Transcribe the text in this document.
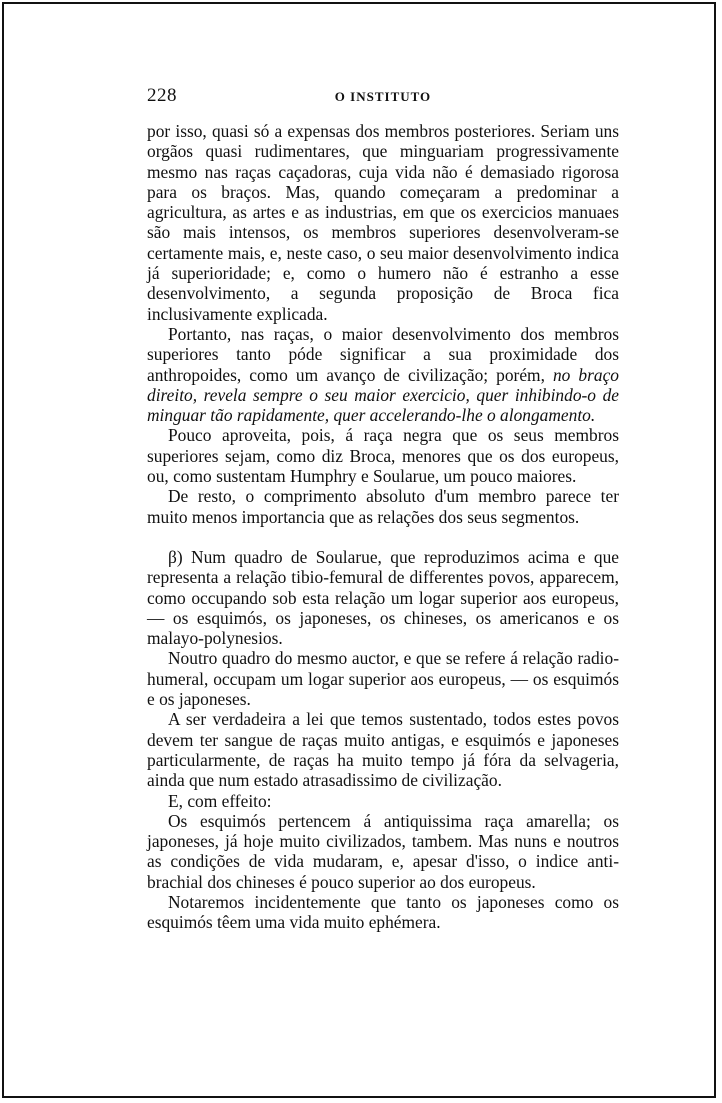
228	O INSTITUTO

por isso, quasi só a expensas dos membros posteriores. Seriam uns orgãos quasi rudimentares, que minguariam progressivamente mesmo nas raças caçadoras, cuja vida não é demasiado rigorosa para os braços. Mas, quando começaram a predominar a agricultura, as artes e as industrias, em que os exercicios manuaes são mais intensos, os membros superiores desenvolveram-se certamente mais, e, neste caso, o seu maior desenvolvimento indica já superioridade; e, como o humero não é estranho a esse desenvolvimento, a segunda proposição de Broca fica inclusivamente explicada.

Portanto, nas raças, o maior desenvolvimento dos membros superiores tanto póde significar a sua proximidade dos anthropoides, como um avanço de civilização; porém, no braço direito, revela sempre o seu maior exercicio, quer inhibindo-o de minguar tão rapidamente, quer accelerando-lhe o alongamento.

Pouco aproveita, pois, á raça negra que os seus membros superiores sejam, como diz Broca, menores que os dos europeus, ou, como sustentam Humphry e Soularue, um pouco maiores.

De resto, o comprimento absoluto d'um membro parece ter muito menos importancia que as relações dos seus segmentos.

β) Num quadro de Soularue, que reproduzimos acima e que representa a relação tibio-femural de differentes povos, apparecem, como occupando sob esta relação um logar superior aos europeus, — os esquimós, os japoneses, os chineses, os americanos e os malayo-polynesios.

Noutro quadro do mesmo auctor, e que se refere á relação radio-humeral, occupam um logar superior aos europeus, — os esquimós e os japoneses.

A ser verdadeira a lei que temos sustentado, todos estes povos devem ter sangue de raças muito antigas, e esquimós e japoneses particularmente, de raças ha muito tempo já fóra da selvageria, ainda que num estado atrasadissimo de civilização.

E, com effeito:

Os esquimós pertencem á antiquissima raça amarella; os japoneses, já hoje muito civilizados, tambem. Mas nuns e noutros as condições de vida mudaram, e, apesar d'isso, o indice anti-brachial dos chineses é pouco superior ao dos europeus.

Notaremos incidentemente que tanto os japoneses como os esquimós têem uma vida muito ephémera.
